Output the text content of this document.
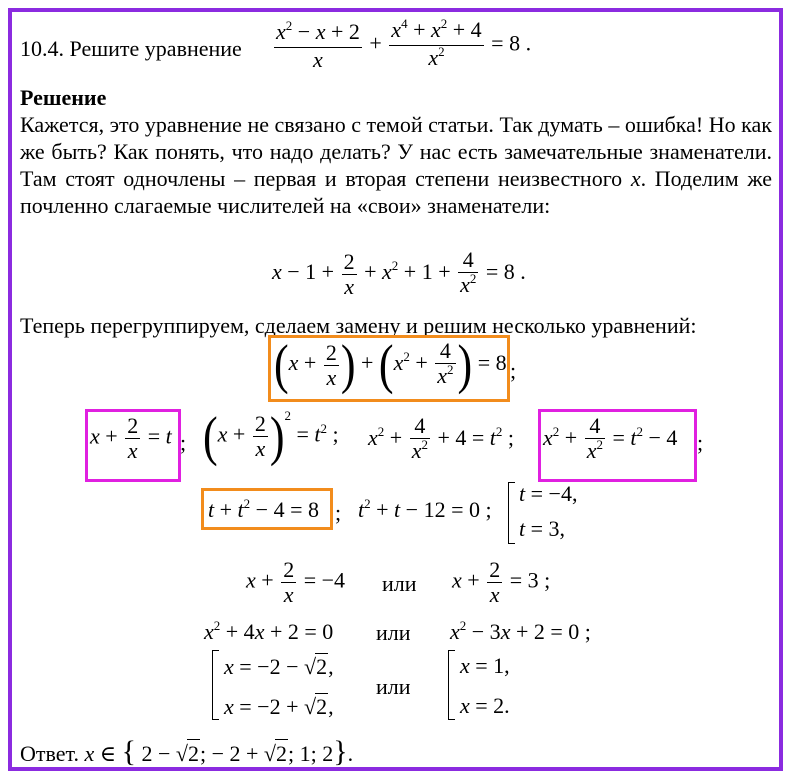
10.4. Решите уравнение $\frac{x^2 - x + 2}{x} + \frac{x^4 + x^2 + 4}{x^2} = 8$ .
Решение
Кажется, это уравнение не связано с темой статьи. Так думать – ошибка! Но как же быть? Как понять, что надо делать? У нас есть замечательные знаменатели. Там стоят одночлены – первая и вторая степени неизвестного x. Поделим же почленно слагаемые числителей на «свои» знаменатели:
$x - 1 + \frac{2}{x} + x^2 + 1 + \frac{4}{x^2} = 8$ .
Теперь перегруппируем, сделаем замену и решим несколько уравнений:
($x + \frac{2}{x}$ ) + ($x^2 + \frac{4}{x^2}$ ) = 8 ;
$x + \frac{2}{x} = t$ ; $(x + \frac{2}{x} )^2 = t^2$ ; $x^2 + \frac{4}{x^2} + 4 = t^2$ ; $x^2 + \frac{4}{x^2} = t^2 - 4$ ;
$t + t^2 - 4 = 8$ ; $t^2 + t - 12 = 0$ ;
t = −4,
t = 3,
$x + \frac{2}{x} = -4$ или $x + \frac{2}{x} = 3$ ;
$x^2 + 4x + 2 = 0$ или $x^2 - 3x + 2 = 0$ ;
x = −2 − √2,
x = −2 + √2,
или
x = 1,
x = 2.
Ответ. x ∈ { 2 − √2; − 2 + √2; 1; 2}.
